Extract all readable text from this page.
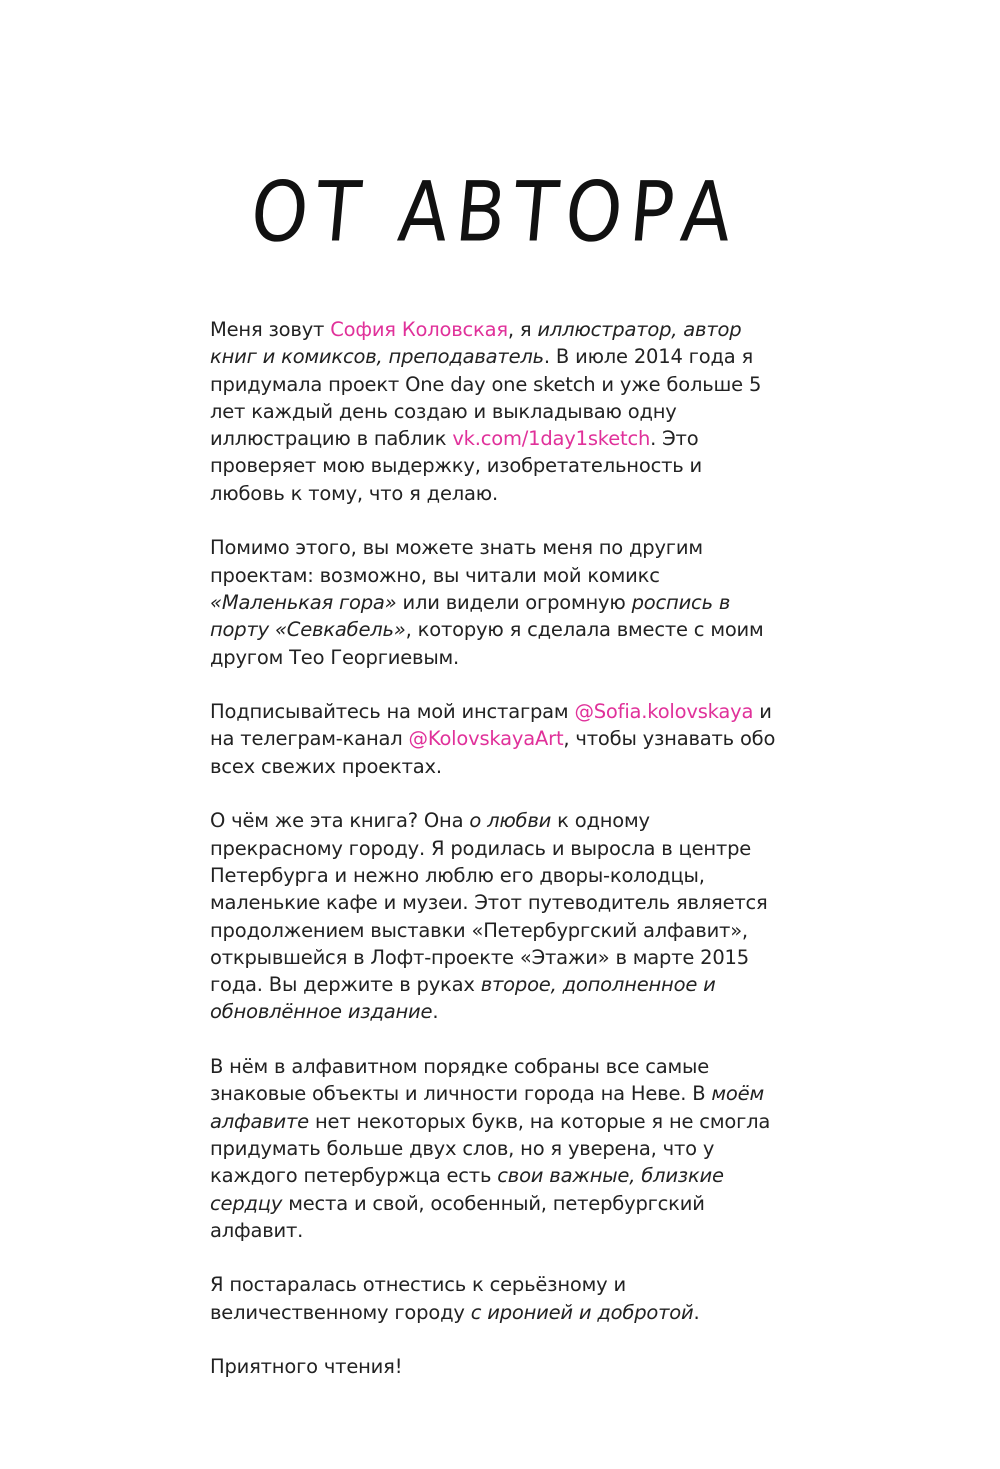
ОТ АВТОРА

Меня зовут София Коловская, я иллюстратор, автор книг и комиксов, преподаватель. В июле 2014 года я придумала проект One day one sketch и уже больше 5 лет каждый день создаю и выкладываю одну иллюстрацию в паблик vk.com/1day1sketch. Это проверяет мою выдержку, изобретательность и любовь к тому, что я делаю.

Помимо этого, вы можете знать меня по другим проектам: возможно, вы читали мой комикс «Маленькая гора» или видели огромную роспись в порту «Севкабель», которую я сделала вместе с моим другом Тео Георгиевым.

Подписывайтесь на мой инстаграм @Sofia.kolovskaya и на телеграм-канал @KolovskayaArt, чтобы узнавать обо всех свежих проектах.

О чём же эта книга? Она о любви к одному прекрасному городу. Я родилась и выросла в центре Петербурга и нежно люблю его дворы-колодцы, маленькие кафе и музеи. Этот путеводитель является продолжением выставки «Петербургский алфавит», открывшейся в Лофт-проекте «Этажи» в марте 2015 года. Вы держите в руках второе, дополненное и обновлённое издание.

В нём в алфавитном порядке собраны все самые знаковые объекты и личности города на Неве. В моём алфавите нет некоторых букв, на которые я не смогла придумать больше двух слов, но я уверена, что у каждого петербуржца есть свои важные, близкие сердцу места и свой, особенный, петербургский алфавит.

Я постаралась отнестись к серьёзному и величественному городу с иронией и добротой.

Приятного чтения!
